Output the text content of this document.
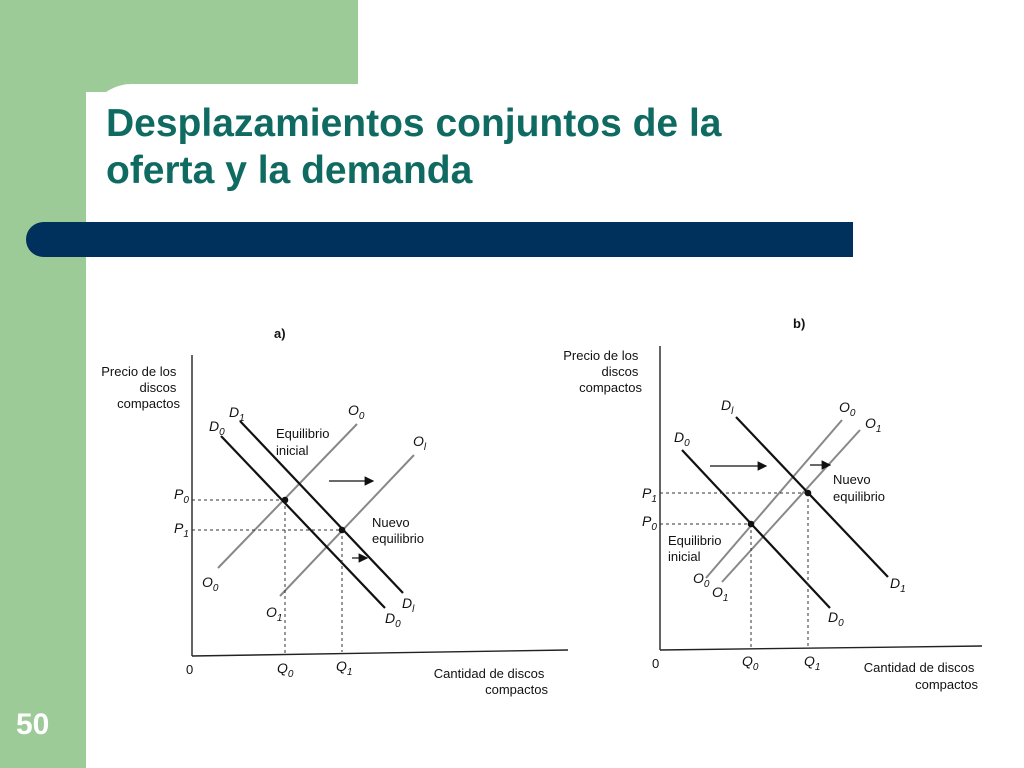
Desplazamientos conjuntos de la
oferta y la demanda
50
a)
Precio de los discos compactos
0	Cantidad de discos compactos
$P_0$
$P_1$
$Q_0$
$Q_1$
$D_0$
$D_1$
$O_0$
$O_l$
$O_0$
$O_1$
$D_l$
$D_0$
Equilibrio inicial
Nuevo equilibrio
b)
Precio de los discos compactos
0	Cantidad de discos compactos
$P_1$
$P_0$
$Q_0$	$Q_1$
$D_l$
$D_0$
$O_0$
$O_1$
$O_0$ $O_1$
$D_1$
$D_0$
Nuevo equilibrio
Equilibrio inicial
